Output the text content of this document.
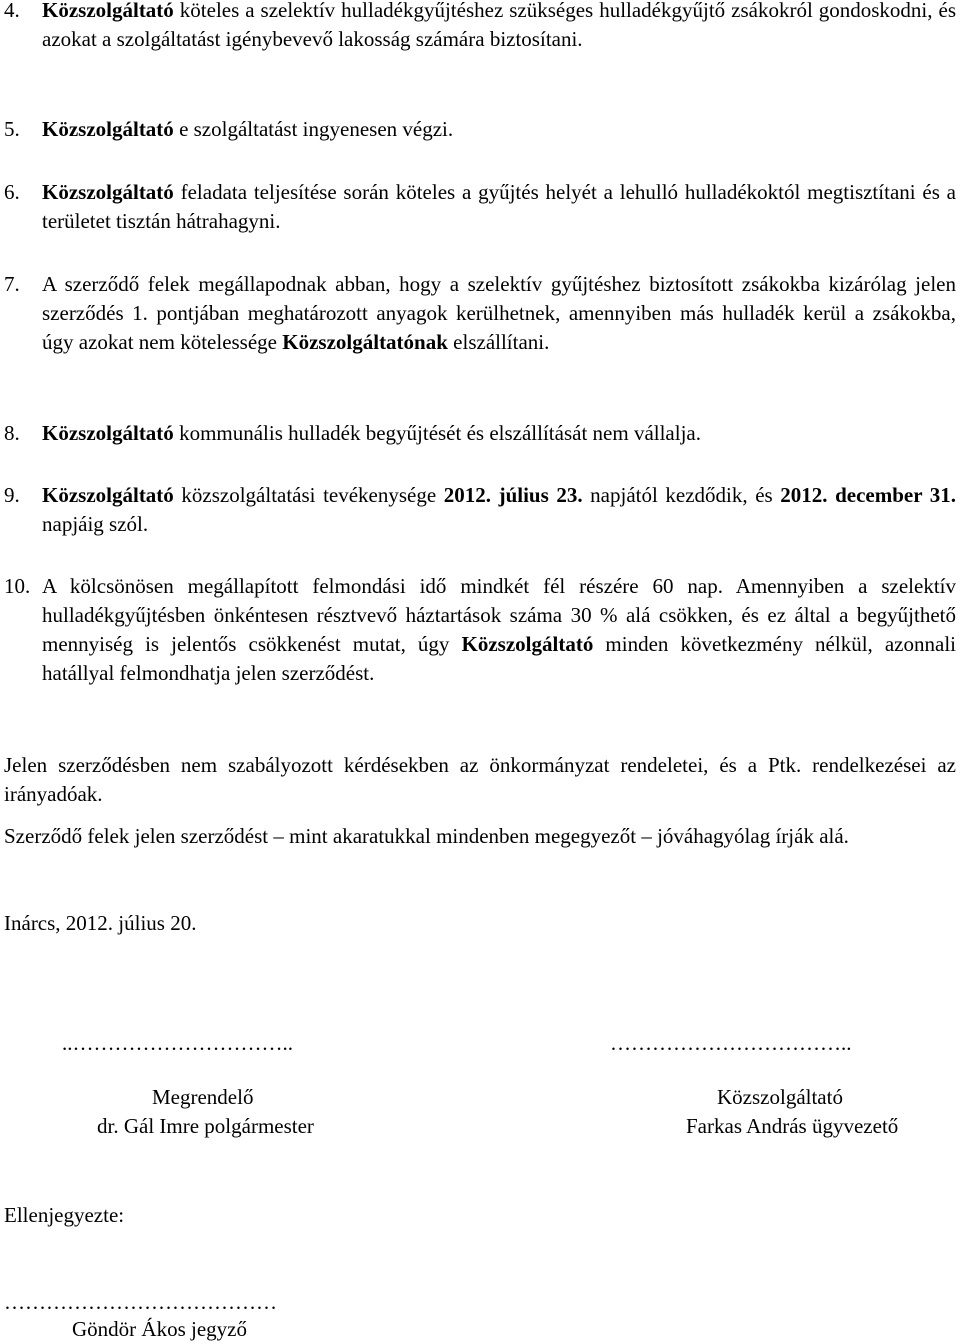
4. Közszolgáltató köteles a szelektív hulladékgyűjtéshez szükséges hulladékgyűjtő zsákokról gondoskodni, és azokat a szolgáltatást igénybevevő lakosság számára biztosítani.
5. Közszolgáltató e szolgáltatást ingyenesen végzi.
6. Közszolgáltató feladata teljesítése során köteles a gyűjtés helyét a lehulló hulladékoktól megtisztítani és a területet tisztán hátrahagyni.
7. A szerződő felek megállapodnak abban, hogy a szelektív gyűjtéshez biztosított zsákokba kizárólag jelen szerződés 1. pontjában meghatározott anyagok kerülhetnek, amennyiben más hulladék kerül a zsákokba, úgy azokat nem kötelessége Közszolgáltatónak elszállítani.
8. Közszolgáltató kommunális hulladék begyűjtését és elszállítását nem vállalja.
9. Közszolgáltató közszolgáltatási tevékenysége 2012. július 23. napjától kezdődik, és 2012. december 31. napjáig szól.
10. A kölcsönösen megállapított felmondási idő mindkét fél részére 60 nap. Amennyiben a szelektív hulladékgyűjtésben önkéntesen résztvevő háztartások száma 30 % alá csökken, és ez által a begyűjthető mennyiség is jelentős csökkenést mutat, úgy Közszolgáltató minden következmény nélkül, azonnali hatállyal felmondhatja jelen szerződést.
Jelen szerződésben nem szabályozott kérdésekben az önkormányzat rendeletei, és a Ptk. rendelkezései az irányadóak.
Szerződő felek jelen szerződést – mint akaratukkal mindenben megegyezőt – jóváhagyólag írják alá.
Inárcs, 2012. július 20.
..…………………………..	……………………………..
Megrendelő
dr. Gál Imre polgármester
Közszolgáltató
Farkas András ügyvezető
Ellenjegyezte:
…………………………………
Göndör Ákos jegyző
